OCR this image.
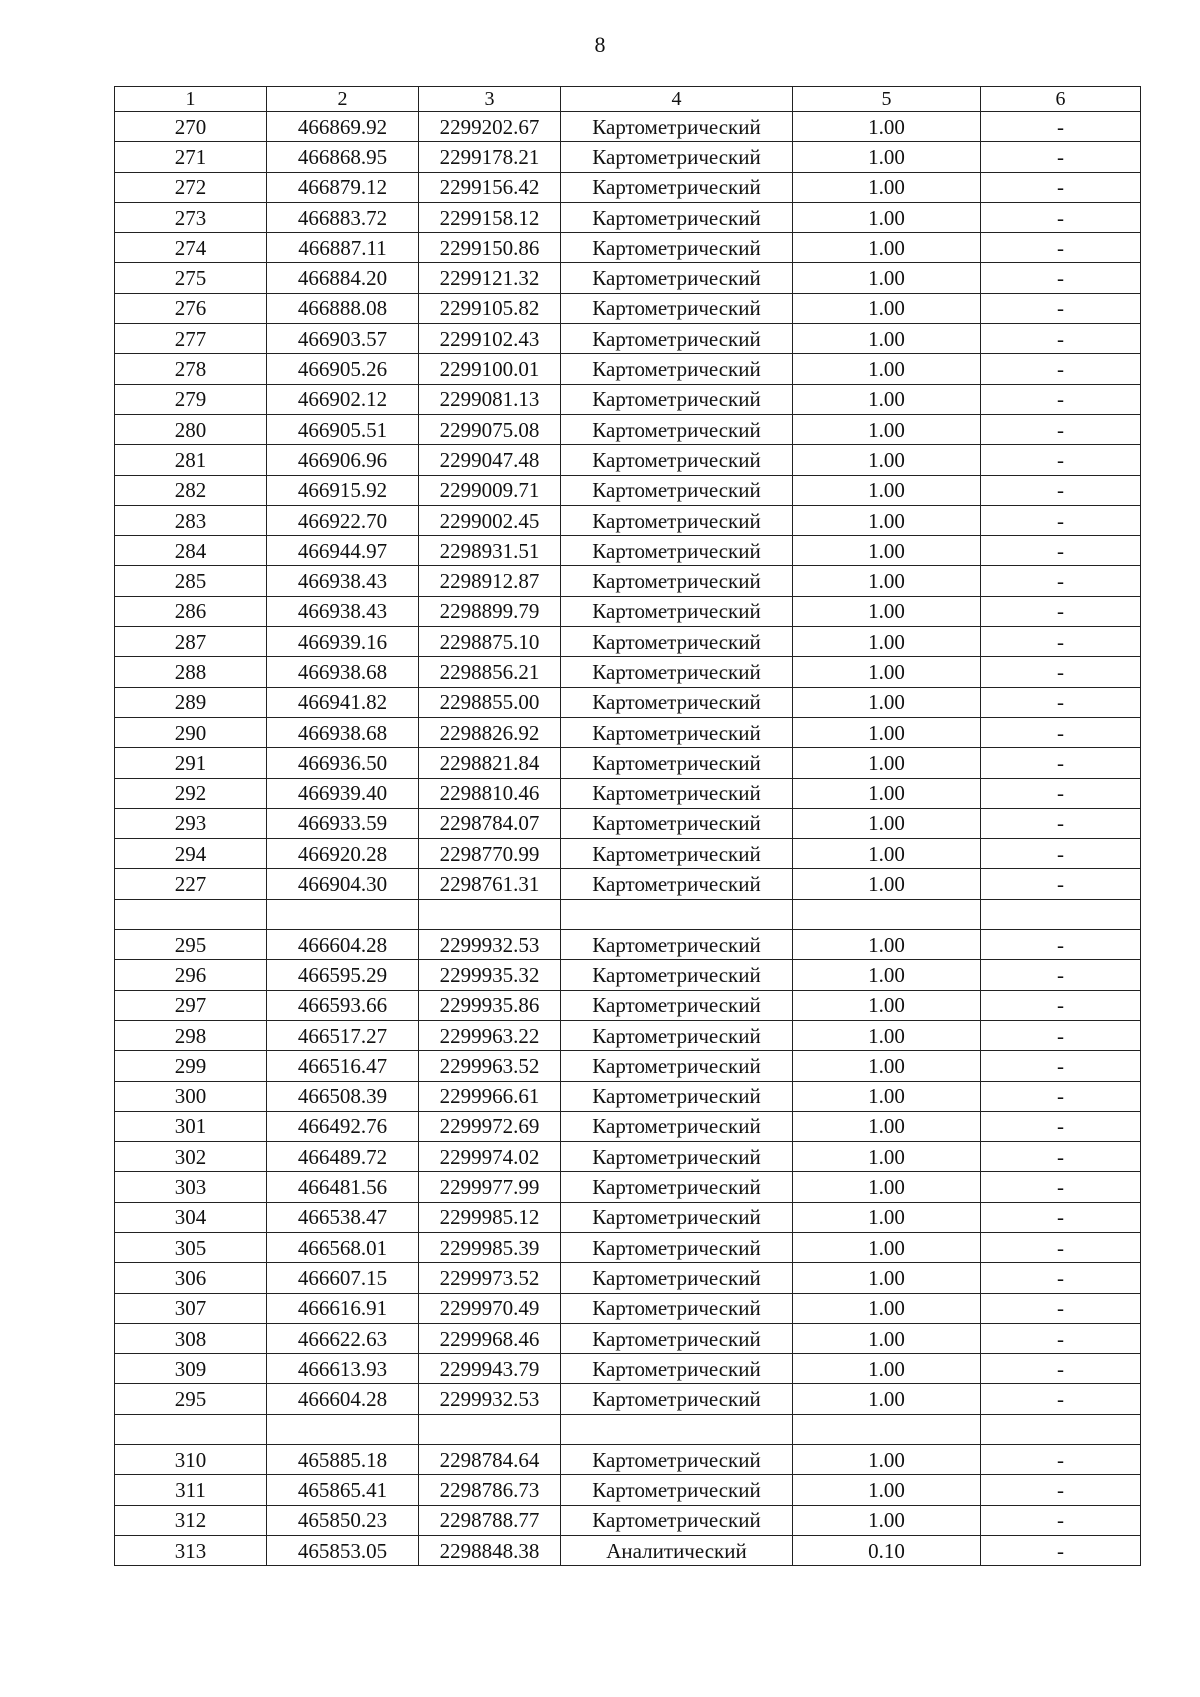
8
1	2	3	4	5	6
270	466869.92	2299202.67	Картометрический	1.00	-
271	466868.95	2299178.21	Картометрический	1.00	-
272	466879.12	2299156.42	Картометрический	1.00	-
273	466883.72	2299158.12	Картометрический	1.00	-
274	466887.11	2299150.86	Картометрический	1.00	-
275	466884.20	2299121.32	Картометрический	1.00	-
276	466888.08	2299105.82	Картометрический	1.00	-
277	466903.57	2299102.43	Картометрический	1.00	-
278	466905.26	2299100.01	Картометрический	1.00	-
279	466902.12	2299081.13	Картометрический	1.00	-
280	466905.51	2299075.08	Картометрический	1.00	-
281	466906.96	2299047.48	Картометрический	1.00	-
282	466915.92	2299009.71	Картометрический	1.00	-
283	466922.70	2299002.45	Картометрический	1.00	-
284	466944.97	2298931.51	Картометрический	1.00	-
285	466938.43	2298912.87	Картометрический	1.00	-
286	466938.43	2298899.79	Картометрический	1.00	-
287	466939.16	2298875.10	Картометрический	1.00	-
288	466938.68	2298856.21	Картометрический	1.00	-
289	466941.82	2298855.00	Картометрический	1.00	-
290	466938.68	2298826.92	Картометрический	1.00	-
291	466936.50	2298821.84	Картометрический	1.00	-
292	466939.40	2298810.46	Картометрический	1.00	-
293	466933.59	2298784.07	Картометрический	1.00	-
294	466920.28	2298770.99	Картометрический	1.00	-
227	466904.30	2298761.31	Картометрический	1.00	-

295	466604.28	2299932.53	Картометрический	1.00	-
296	466595.29	2299935.32	Картометрический	1.00	-
297	466593.66	2299935.86	Картометрический	1.00	-
298	466517.27	2299963.22	Картометрический	1.00	-
299	466516.47	2299963.52	Картометрический	1.00	-
300	466508.39	2299966.61	Картометрический	1.00	-
301	466492.76	2299972.69	Картометрический	1.00	-
302	466489.72	2299974.02	Картометрический	1.00	-
303	466481.56	2299977.99	Картометрический	1.00	-
304	466538.47	2299985.12	Картометрический	1.00	-
305	466568.01	2299985.39	Картометрический	1.00	-
306	466607.15	2299973.52	Картометрический	1.00	-
307	466616.91	2299970.49	Картометрический	1.00	-
308	466622.63	2299968.46	Картометрический	1.00	-
309	466613.93	2299943.79	Картометрический	1.00	-
295	466604.28	2299932.53	Картометрический	1.00	-

310	465885.18	2298784.64	Картометрический	1.00	-
311	465865.41	2298786.73	Картометрический	1.00	-
312	465850.23	2298788.77	Картометрический	1.00	-
313	465853.05	2298848.38	Аналитический	0.10	-
